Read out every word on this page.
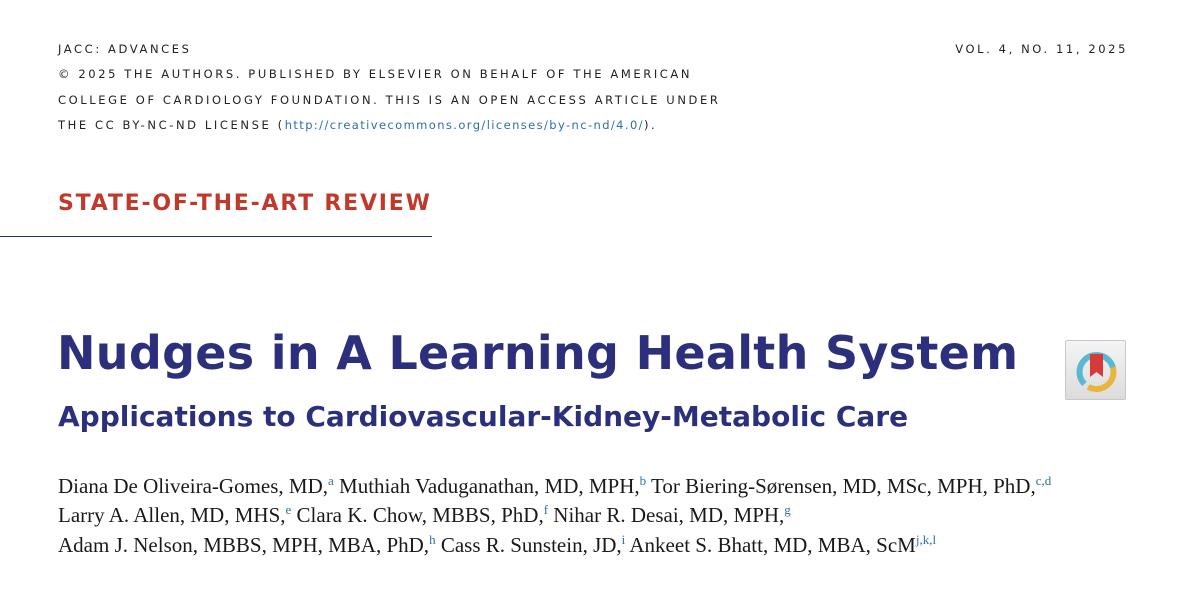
JACC: ADVANCES	VOL. 4, NO. 11, 2025
© 2025 THE AUTHORS. PUBLISHED BY ELSEVIER ON BEHALF OF THE AMERICAN
COLLEGE OF CARDIOLOGY FOUNDATION. THIS IS AN OPEN ACCESS ARTICLE UNDER
THE CC BY-NC-ND LICENSE (http://creativecommons.org/licenses/by-nc-nd/4.0/).
STATE-OF-THE-ART REVIEW
Nudges in A Learning Health System
Applications to Cardiovascular-Kidney-Metabolic Care
Diana De Oliveira-Gomes, MD,$^a$ Muthiah Vaduganathan, MD, MPH,$^b$ Tor Biering-Sørensen, MD, MSc, MPH, PhD,$^{c,d}$
Larry A. Allen, MD, MHS,$^e$ Clara K. Chow, MBBS, PhD,$^f$ Nihar R. Desai, MD, MPH,$^g$
Adam J. Nelson, MBBS, MPH, MBA, PhD,$^h$ Cass R. Sunstein, JD,$^i$ Ankeet S. Bhatt, MD, MBA, ScM$^{j,k,l}$
